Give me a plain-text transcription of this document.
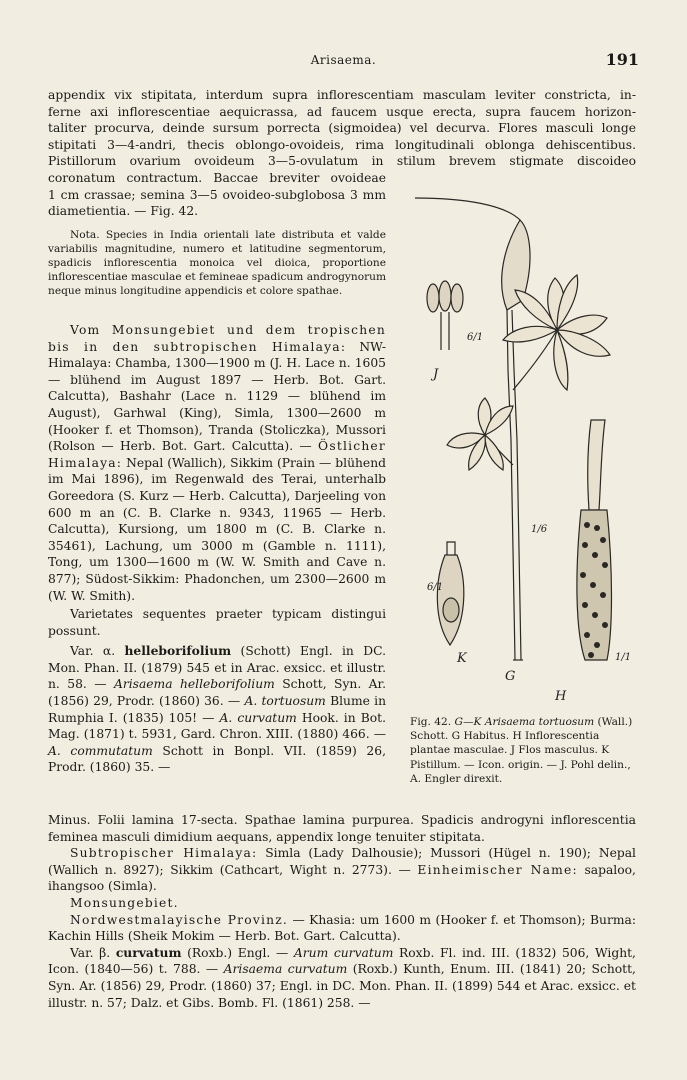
Arisaema.	191

appendix vix stipitata, interdum supra inflorescentiam masculam leviter constricta, in-

ferne axi inflorescentiae aequicrassa, ad faucem usque erecta, supra faucem horizon-

taliter procurva, deinde sursum porrecta (sigmoidea) vel decurva. Flores masculi longe

stipitati 3—4-andri, thecis oblongo-ovoideis, rima longitudinali oblonga dehiscentibus.

Pistillorum ovarium ovoideum 3—5-ovulatum in stilum brevem stigmate discoideo

coronatum contractum. Baccae breviter ovoideae

1 cm crassae; semina 3—5 ovoideo-subglobosa 3 mm

diametientia. — Fig. 42.

Nota. Species in India orientali late distributa et valde variabilis magnitudine, numero et latitudine segmentorum, spadicis inflorescentia monoica vel dioica, proportione inflorescentiae masculae et femineae spadicum androgynorum neque minus longitudine appendicis et colore spathae.

Vom Monsungebiet und dem tropischen bis in den subtropischen Himalaya: NW-Himalaya: Chamba, 1300—1900 m (J. H. Lace n. 1605 — blühend im August 1897 — Herb. Bot. Gart. Calcutta), Bashahr (Lace n. 1129 — blühend im August), Garhwal (King), Simla, 1300—2600 m (Hooker f. et Thomson), Tranda (Stoliczka), Mussori (Rolson — Herb. Bot. Gart. Calcutta). — Östlicher Himalaya: Nepal (Wallich), Sikkim (Prain — blühend im Mai 1896), im Regenwald des Terai, unterhalb Goreedora (S. Kurz — Herb. Calcutta), Darjeeling von 600 m an (C. B. Clarke n. 9343, 11965 — Herb. Calcutta), Kursiong, um 1800 m (C. B. Clarke n. 35461), Lachung, um 3000 m (Gamble n. 1111), Tong, um 1300—1600 m (W. W. Smith and Cave n. 877); Südost-Sikkim: Phadonchen, um 2300—2600 m (W. W. Smith).

Varietates sequentes praeter typicam distingui possunt.

Var. α. helleborifolium (Schott) Engl. in DC. Mon. Phan. II. (1879) 545 et in Arac. exsicc. et illustr. n. 58. — Arisaema helleborifolium Schott, Syn. Ar. (1856) 29, Prodr. (1860) 36. — A. tortuosum Blume in Rumphia I. (1835) 105! — A. curvatum Hook. in Bot. Mag. (1871) t. 5931, Gard. Chron. XIII. (1880) 466. — A. commutatum Schott in Bonpl. VII. (1859) 26, Prodr. (1860) 35. —

J
6/1
1/6
6/1
1/1
K
G
H
Fig. 42. G—K Arisaema tortuosum (Wall.) Schott. G Habitus. H Inflorescentia plantae masculae. J Flos masculus. K Pistillum. — Icon. origin. — J. Pohl delin., A. Engler direxit.

Minus. Folii lamina 17-secta. Spathae lamina purpurea. Spadicis androgyni inflorescentia feminea masculi dimidium aequans, appendix longe tenuiter stipitata.

Subtropischer Himalaya: Simla (Lady Dalhousie); Mussori (Hügel n. 190); Nepal (Wallich n. 8927); Sikkim (Cathcart, Wight n. 2773). — Einheimischer Name: sapaloo, ihangsoo (Simla).

Monsungebiet.

Nordwestmalayische Provinz. — Khasia: um 1600 m (Hooker f. et Thomson); Burma: Kachin Hills (Sheik Mokim — Herb. Bot. Gart. Calcutta).

Var. β. curvatum (Roxb.) Engl. — Arum curvatum Roxb. Fl. ind. III. (1832) 506, Wight, Icon. (1840—56) t. 788. — Arisaema curvatum (Roxb.) Kunth, Enum. III. (1841) 20; Schott, Syn. Ar. (1856) 29, Prodr. (1860) 37; Engl. in DC. Mon. Phan. II. (1899) 544 et Arac. exsicc. et illustr. n. 57; Dalz. et Gibs. Bomb. Fl. (1861) 258. —
